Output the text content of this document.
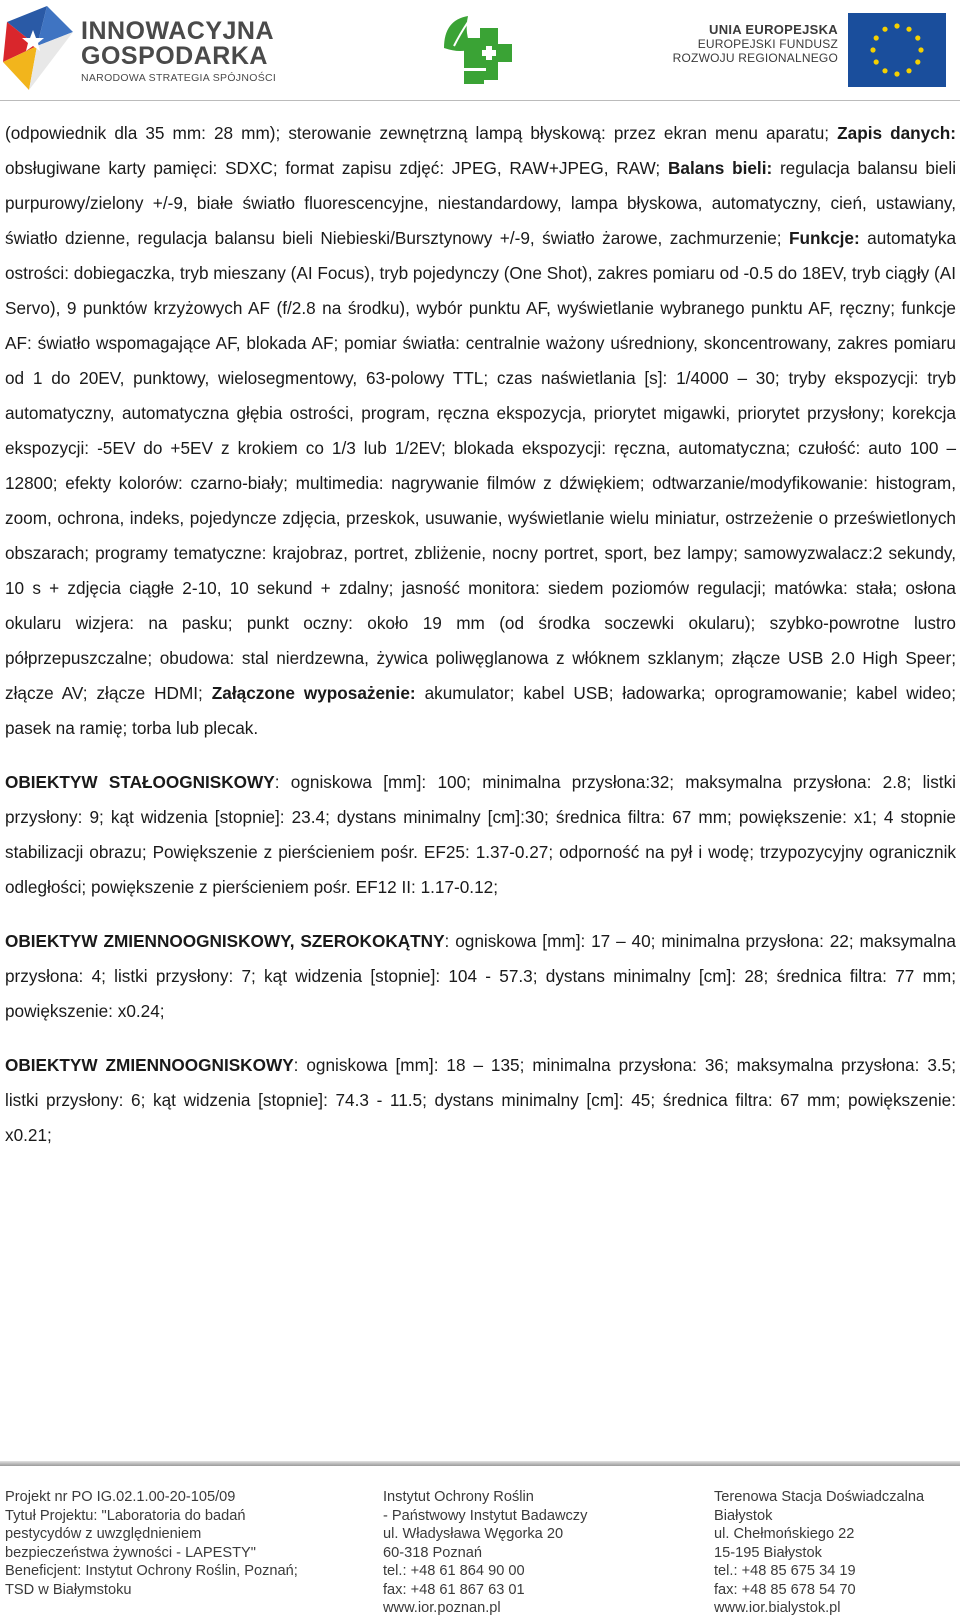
INNOWACYJNA
GOSPODARKA
NARODOWA STRATEGIA SPÓJNOŚCI
UNIA EUROPEJSKA
EUROPEJSKI FUNDUSZ
ROZWOJU REGIONALNEGO

(odpowiednik dla 35 mm: 28 mm); sterowanie zewnętrzną lampą błyskową: przez ekran menu aparatu; Zapis danych: obsługiwane karty pamięci: SDXC; format zapisu zdjęć: JPEG, RAW+JPEG, RAW; Balans bieli: regulacja balansu bieli purpurowy/zielony +/-9, białe światło fluorescencyjne, niestandardowy, lampa błyskowa, automatyczny, cień, ustawiany, światło dzienne, regulacja balansu bieli Niebieski/Bursztynowy +/-9, światło żarowe, zachmurzenie; Funkcje: automatyka ostrości: dobiegaczka, tryb mieszany (AI Focus), tryb pojedynczy (One Shot), zakres pomiaru od -0.5 do 18EV, tryb ciągły (AI Servo), 9 punktów krzyżowych AF (f/2.8 na środku), wybór punktu AF, wyświetlanie wybranego punktu AF, ręczny; funkcje AF: światło wspomagające AF, blokada AF; pomiar światła: centralnie ważony uśredniony, skoncentrowany, zakres pomiaru od 1 do 20EV, punktowy, wielosegmentowy, 63-polowy TTL; czas naświetlania [s]: 1/4000 – 30; tryby ekspozycji: tryb automatyczny, automatyczna głębia ostrości, program, ręczna ekspozycja, priorytet migawki, priorytet przysłony; korekcja ekspozycji: -5EV do +5EV z krokiem co 1/3 lub 1/2EV; blokada ekspozycji: ręczna, automatyczna; czułość: auto 100 – 12800; efekty kolorów: czarno-biały; multimedia: nagrywanie filmów z dźwiękiem; odtwarzanie/modyfikowanie: histogram, zoom, ochrona, indeks, pojedyncze zdjęcia, przeskok, usuwanie, wyświetlanie wielu miniatur, ostrzeżenie o prześwietlonych obszarach; programy tematyczne: krajobraz, portret, zbliżenie, nocny portret, sport, bez lampy; samowyzwalacz:2 sekundy, 10 s + zdjęcia ciągłe 2-10, 10 sekund + zdalny; jasność monitora: siedem poziomów regulacji; matówka: stała; osłona okularu wizjera: na pasku; punkt oczny: około 19 mm (od środka soczewki okularu); szybko-powrotne lustro półprzepuszczalne; obudowa: stal nierdzewna, żywica poliwęglanowa z włóknem szklanym; złącze USB 2.0 High Speer; złącze AV; złącze HDMI; Załączone wyposażenie: akumulator; kabel USB; ładowarka; oprogramowanie; kabel wideo; pasek na ramię; torba lub plecak.

OBIEKTYW STAŁOOGNISKOWY: ogniskowa [mm]: 100; minimalna przysłona:32; maksymalna przysłona: 2.8; listki przysłony: 9; kąt widzenia [stopnie]: 23.4; dystans minimalny [cm]:30; średnica filtra: 67 mm; powiększenie: x1; 4 stopnie stabilizacji obrazu; Powiększenie z pierścieniem pośr. EF25: 1.37-0.27; odporność na pył i wodę; trzypozycyjny ogranicznik odległości; powiększenie z pierścieniem pośr. EF12 II: 1.17-0.12;

OBIEKTYW ZMIENNOOGNISKOWY, SZEROKOKĄTNY: ogniskowa [mm]: 17 – 40; minimalna przysłona: 22; maksymalna przysłona: 4; listki przysłony: 7; kąt widzenia [stopnie]: 104 - 57.3; dystans minimalny [cm]: 28; średnica filtra: 77 mm; powiększenie: x0.24;

OBIEKTYW ZMIENNOOGNISKOWY: ogniskowa [mm]: 18 – 135; minimalna przysłona: 36; maksymalna przysłona: 3.5; listki przysłony: 6; kąt widzenia [stopnie]: 74.3 - 11.5; dystans minimalny [cm]: 45; średnica filtra: 67 mm; powiększenie: x0.21;

Projekt nr PO IG.02.1.00-20-105/09
Tytuł Projektu: "Laboratoria do badań
pestycydów z uwzględnieniem
bezpieczeństwa żywności - LAPESTY"
Beneficjent: Instytut Ochrony Roślin, Poznań;
TSD w Białymstoku
Instytut Ochrony Roślin
- Państwowy Instytut Badawczy
ul. Władysława Węgorka 20
60-318 Poznań
tel.: +48 61 864 90 00
fax: +48 61 867 63 01
www.ior.poznan.pl
Terenowa Stacja Doświadczalna
Białystok
ul. Chełmońskiego 22
15-195 Białystok
tel.: +48 85 675 34 19
fax: +48 85 678 54 70
www.ior.bialystok.pl
